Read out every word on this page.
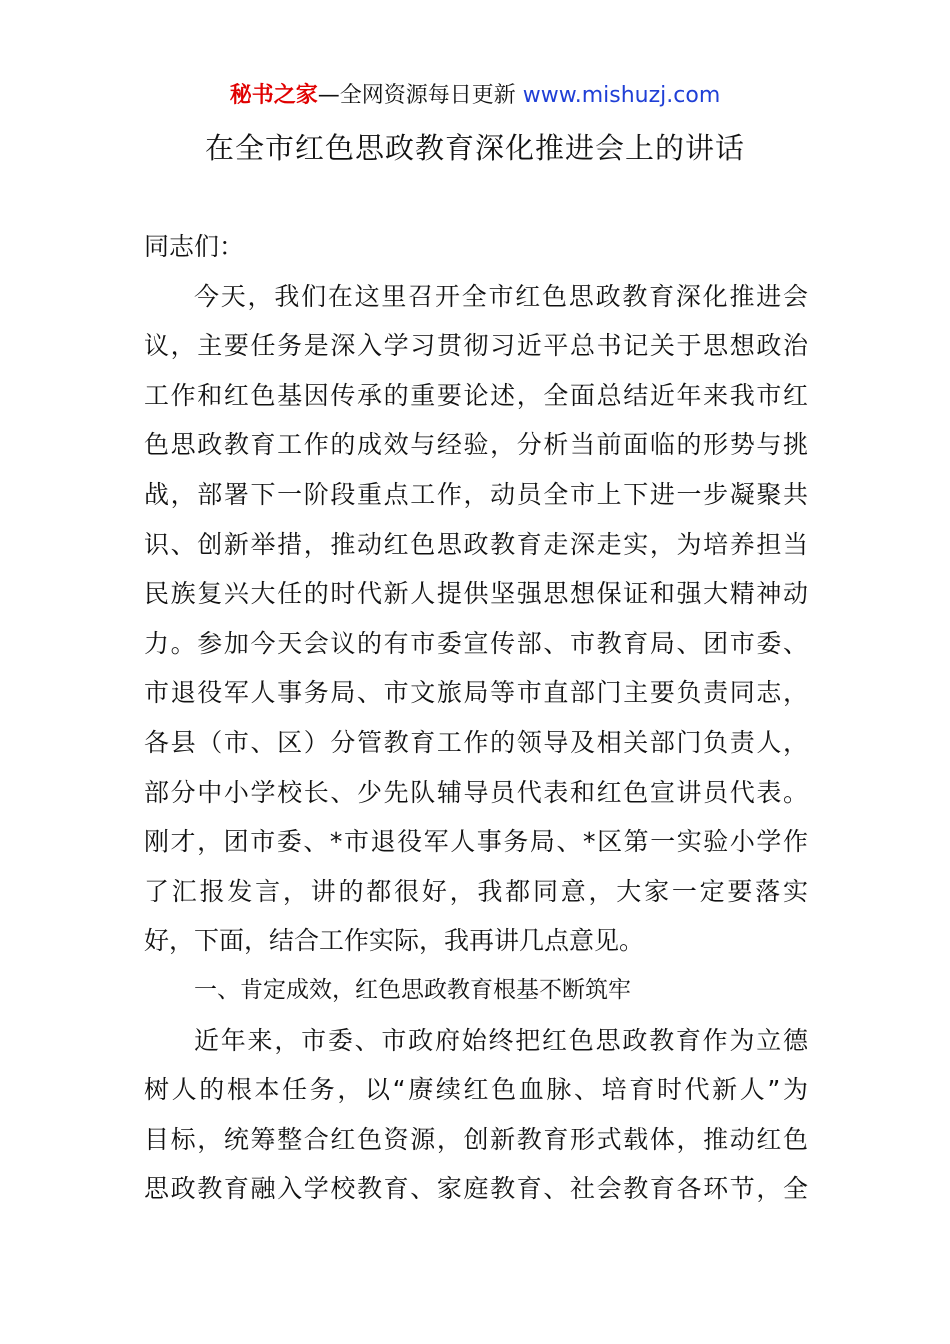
秘书之家—全网资源每日更新 www.mishuzj.com
在全市红色思政教育深化推进会上的讲话
同志们：
今天，我们在这里召开全市红色思政教育深化推进会
议，主要任务是深入学习贯彻习近平总书记关于思想政治
工作和红色基因传承的重要论述，全面总结近年来我市红
色思政教育工作的成效与经验，分析当前面临的形势与挑
战，部署下一阶段重点工作，动员全市上下进一步凝聚共
识、创新举措，推动红色思政教育走深走实，为培养担当
民族复兴大任的时代新人提供坚强思想保证和强大精神动
力。参加今天会议的有市委宣传部、市教育局、团市委、
市退役军人事务局、市文旅局等市直部门主要负责同志，
各县（市、区）分管教育工作的领导及相关部门负责人，
部分中小学校长、少先队辅导员代表和红色宣讲员代表。
刚才，团市委、*市退役军人事务局、*区第一实验小学作
了汇报发言，讲的都很好，我都同意，大家一定要落实
好，下面，结合工作实际，我再讲几点意见。
一、肯定成效，红色思政教育根基不断筑牢
近年来，市委、市政府始终把红色思政教育作为立德
树人的根本任务，以“赓续红色血脉、培育时代新人”为
目标，统筹整合红色资源，创新教育形式载体，推动红色
思政教育融入学校教育、家庭教育、社会教育各环节，全
